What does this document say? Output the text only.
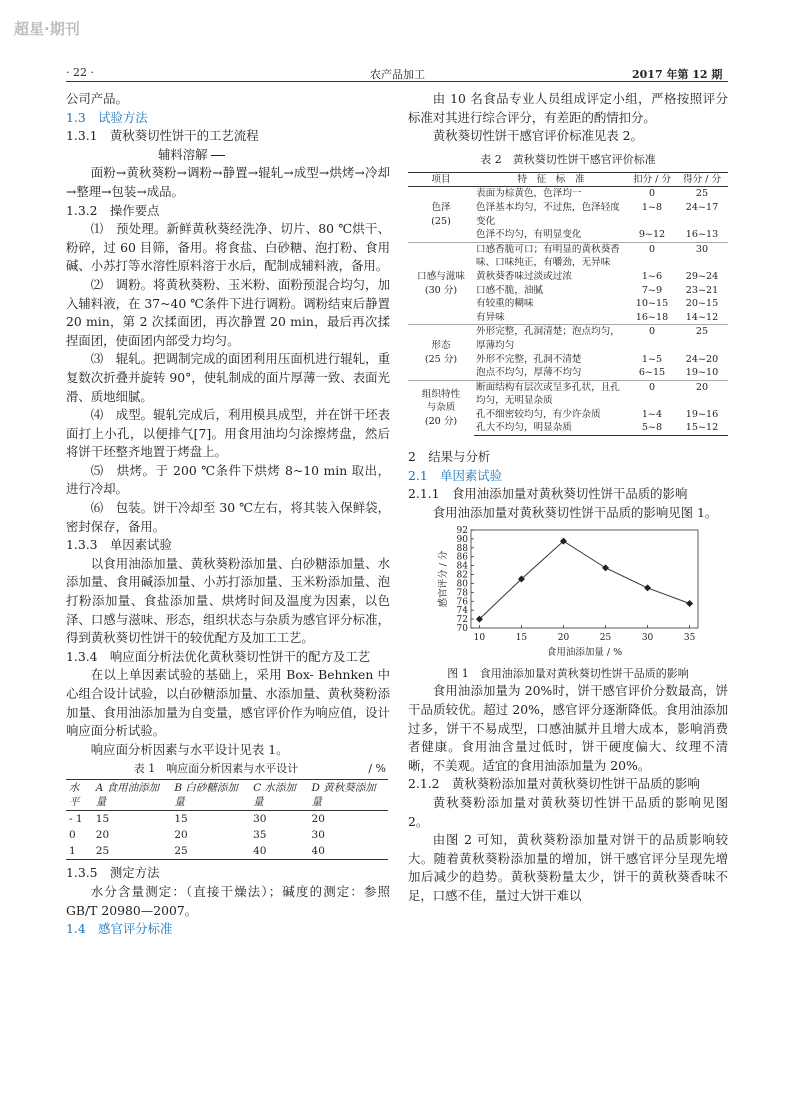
超星·期刊
· 22 ·	农产品加工	2017 年第 12 期

公司产品。

1.3　试验方法

1.3.1　黄秋葵切性饼干的工艺流程

辅料溶解

面粉→黄秋葵粉→调粉→静置→辊轧→成型→烘烤→冷却→整理→包装→成品。

1.3.2　操作要点

⑴　预处理。新鲜黄秋葵经洗净、切片、80 ℃烘干、粉碎，过 60 目筛，备用。将食盐、白砂糖、泡打粉、食用碱、小苏打等水溶性原料溶于水后，配制成辅料液，备用。

⑵　调粉。将黄秋葵粉、玉米粉、面粉预混合均匀，加入辅料液，在 37~40 ℃条件下进行调粉。调粉结束后静置 20 min，第 2 次揉面团，再次静置 20 min，最后再次揉捏面团，使面团内部受力均匀。

⑶　辊轧。把调制完成的面团利用压面机进行辊轧，重复数次折叠并旋转 90°，使轧制成的面片厚薄一致、表面光滑、质地细腻。

⑷　成型。辊轧完成后，利用模具成型，并在饼干坯表面打上小孔，以便排气[7]。用食用油均匀涂擦烤盘，然后将饼干坯整齐地置于烤盘上。

⑸　烘烤。于 200 ℃条件下烘烤 8~10 min 取出，进行冷却。

⑹　包装。饼干冷却至 30 ℃左右，将其装入保鲜袋，密封保存，备用。

1.3.3　单因素试验

以食用油添加量、黄秋葵粉添加量、白砂糖添加量、水添加量、食用碱添加量、小苏打添加量、玉米粉添加量、泡打粉添加量、食盐添加量、烘烤时间及温度为因素，以色泽、口感与滋味、形态，组织状态与杂质为感官评分标准，得到黄秋葵切性饼干的较优配方及加工工艺。

1.3.4　响应面分析法优化黄秋葵切性饼干的配方及工艺

在以上单因素试验的基础上，采用 Box- Behnken 中心组合设计试验，以白砂糖添加量、水添加量、黄秋葵粉添加量、食用油添加量为自变量，感官评价作为响应值，设计响应面分析试验。

响应面分析因素与水平设计见表 1。

表 1　响应面分析因素与水平设计	/ %
水平	A 食用油添加量	B 白砂糖添加量	C 水添加量	D 黄秋葵添加量
- 1	15	15	30	20
0	20	20	35	30
1	25	25	40	40

1.3.5　测定方法

水分含量测定：（直接干燥法）；碱度的测定：参照 GB/T 20980—2007。

1.4　感官评分标准

由 10 名食品专业人员组成评定小组，严格按照评分标准对其进行综合评分，有差距的酌情扣分。

黄秋葵切性饼干感官评价标准见表 2。

表 2　黄秋葵切性饼干感官评价标准
项目	特　征　标　准	扣分 / 分	得分 / 分

色泽
(25)	表面为棕黄色，色泽均一	0	25
	色泽基本均匀，不过焦，色泽轻度变化	1~8	24~17
	色泽不均匀，有明显变化	9~12	16~13

口感与滋味
(30 分)	口感香脆可口；有明显的黄秋葵香味、口味纯正，有嚼劲，无异味	0	30
	黄秋葵香味过淡或过浓	1~6	29~24
	口感不脆，油腻	7~9	23~21
	有较重的糊味	10~15	20~15
	有异味	16~18	14~12

形态
(25 分)	外形完整，孔洞清楚；泡点均匀，厚薄均匀	0	25
	外形不完整，孔洞不清楚	1~5	24~20
	泡点不均匀，厚薄不均匀	6~15	19~10

组织特性
与杂质
(20 分)	断面结构有层次或呈多孔状，且孔均匀，无明显杂质	0	20
	孔不细密较均匀，有少许杂质	1~4	19~16
	孔大不均匀，明显杂质	5~8	15~12

2　结果与分析

2.1　单因素试验

2.1.1　食用油添加量对黄秋葵切性饼干品质的影响

食用油添加量对黄秋葵切性饼干品质的影响见图 1。

10	15	20	25	30	35
70
72
74
76
78
80
82
84
86
88
90
92
食用油添加量 / %
感官评分 / 分
图 1　食用油添加量对黄秋葵切性饼干品质的影响

食用油添加量为 20%时，饼干感官评价分数最高，饼干品质较优。超过 20%，感官评分逐渐降低。食用油添加过多，饼干不易成型，口感油腻并且增大成本，影响消费者健康。食用油含量过低时，饼干硬度偏大、纹理不清晰，不美观。适宜的食用油添加量为 20%。

2.1.2　黄秋葵粉添加量对黄秋葵切性饼干品质的影响

黄秋葵粉添加量对黄秋葵切性饼干品质的影响见图 2。

由图 2 可知，黄秋葵粉添加量对饼干的品质影响较大。随着黄秋葵粉添加量的增加，饼干感官评分呈现先增加后减少的趋势。黄秋葵粉量太少，饼干的黄秋葵香味不足，口感不佳，量过大饼干难以
